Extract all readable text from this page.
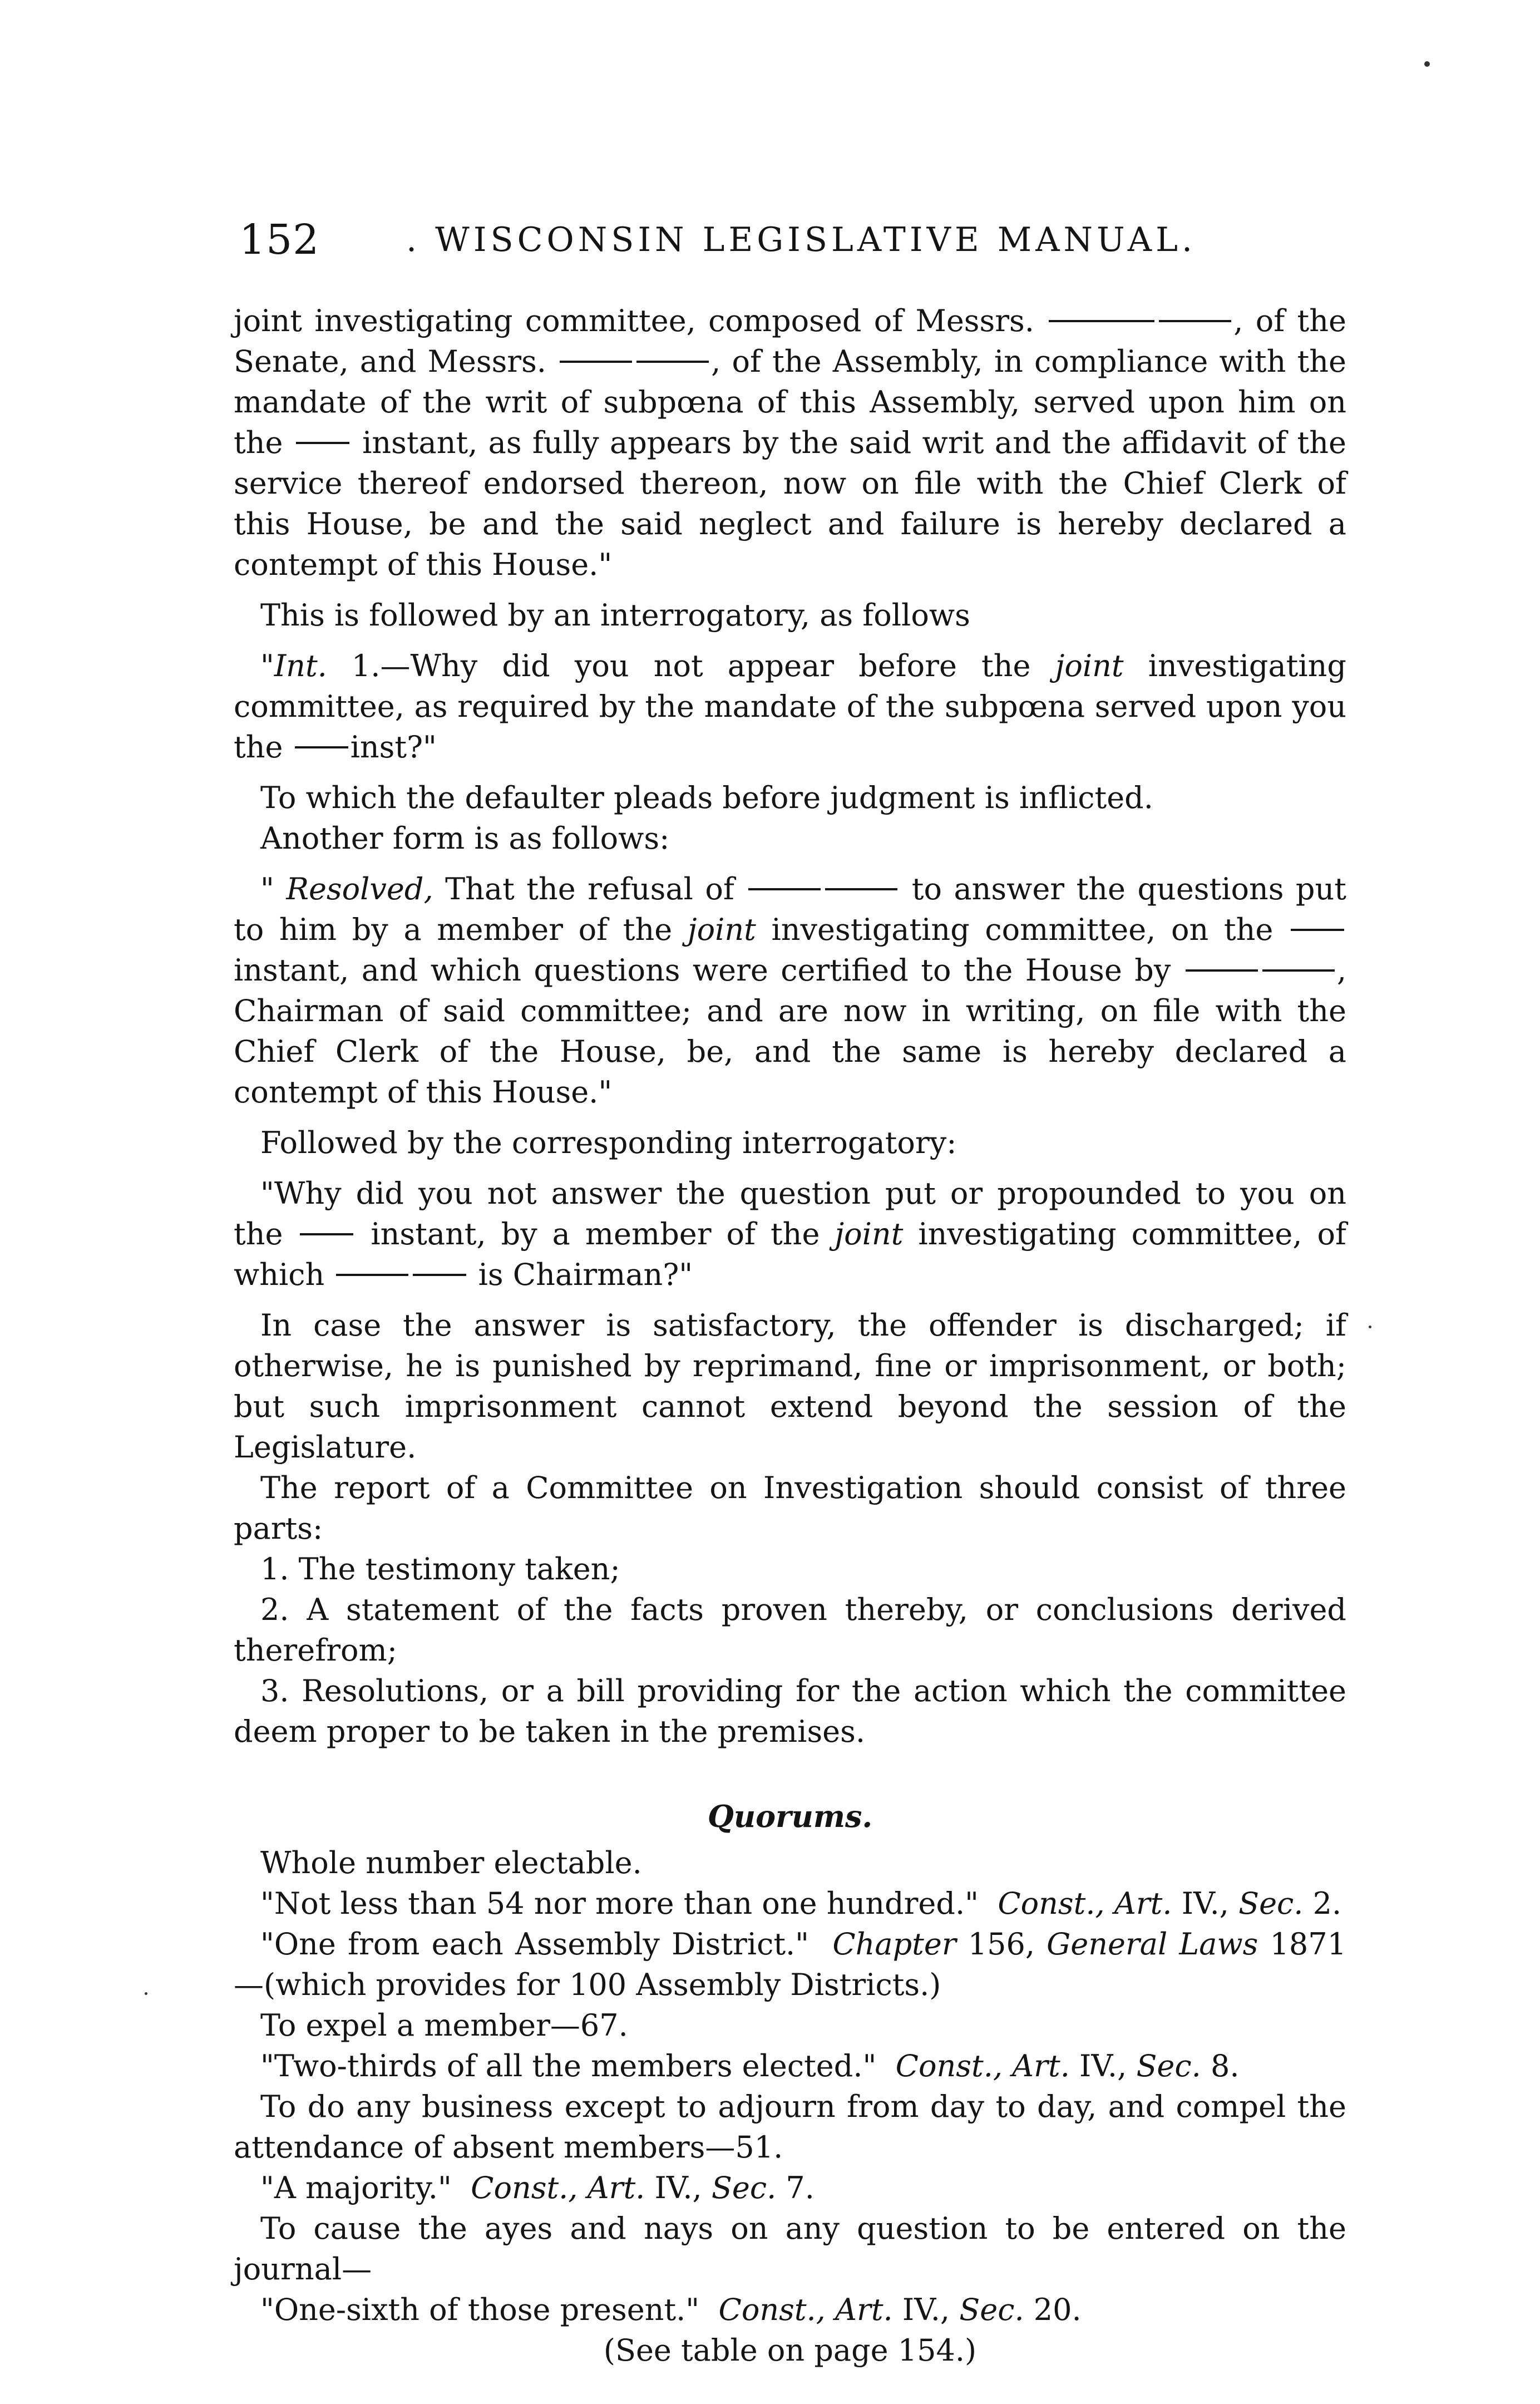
152	. WISCONSIN LEGISLATIVE MANUAL.

joint investigating committee, composed of Messrs.	, of the Senate, and Messrs.	, of the Assembly, in compliance with the mandate of the writ of subpœna of this Assembly, served upon him on the	instant, as fully appears by the said writ and the affidavit of the service thereof endorsed thereon, now on file with the Chief Clerk of this House, be and the said neglect and failure is hereby declared a contempt of this House."

This is followed by an interrogatory, as follows

"Int. 1.—Why did you not appear before the joint investigating committee, as required by the mandate of the subpœna served upon you the inst?"

To which the defaulter pleads before judgment is inflicted.

Another form is as follows:

" Resolved, That the refusal of	to answer the questions put to him by a member of the joint investigating committee, on the  instant, and which questions were certified to the House by	, Chairman of said committee; and are now in writing, on file with the Chief Clerk of the House, be, and the same is hereby declared a contempt of this House."

Followed by the corresponding interrogatory:

"Why did you not answer the question put or propounded to you on the	instant, by a member of the joint investigating committee, of which	is Chairman?"

In case the answer is satisfactory, the offender is discharged; if otherwise, he is punished by reprimand, fine or imprisonment, or both; but such imprisonment cannot extend beyond the session of the Legislature.

The report of a Committee on Investigation should consist of three parts:

1. The testimony taken;

2. A statement of the facts proven thereby, or conclusions derived therefrom;

3. Resolutions, or a bill providing for the action which the committee deem proper to be taken in the premises.

Quorums.

Whole number electable.

"Not less than 54 nor more than one hundred." Const., Art. IV., Sec. 2.

"One from each Assembly District." Chapter 156, General Laws 1871—(which provides for 100 Assembly Districts.)

To expel a member—67.

"Two-thirds of all the members elected." Const., Art. IV., Sec. 8.

To do any business except to adjourn from day to day, and compel the attendance of absent members—51.

"A majority." Const., Art. IV., Sec. 7.

To cause the ayes and nays on any question to be entered on the journal—

"One-sixth of those present." Const., Art. IV., Sec. 20.

(See table on page 154.)
